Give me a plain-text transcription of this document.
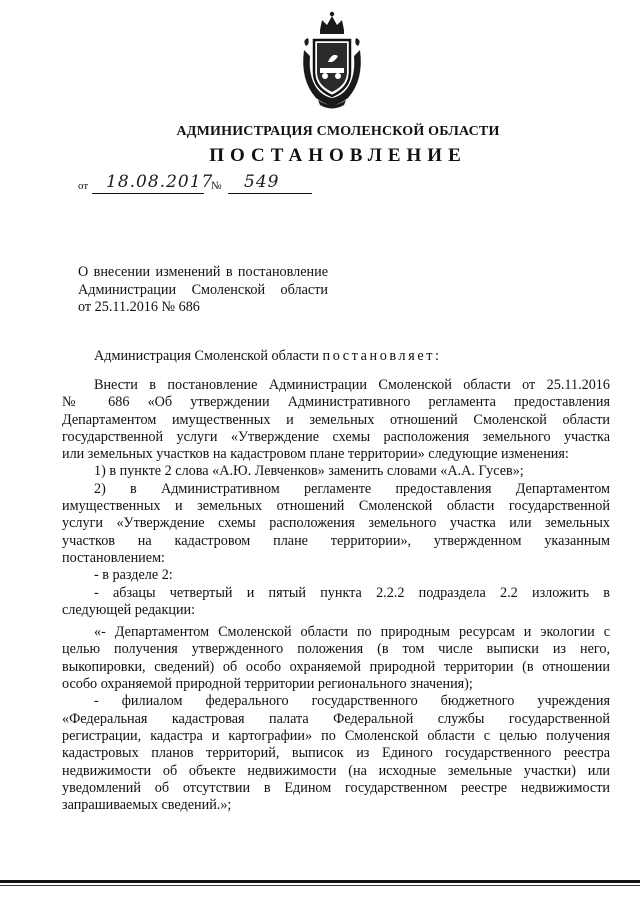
АДМИНИСТРАЦИЯ СМОЛЕНСКОЙ ОБЛАСТИ
ПОСТАНОВЛЕНИЕ
от 18.08.2017
№ 549
О внесении изменений в постановление
Администрации Смоленской области
от 25.11.2016 № 686
Администрация Смоленской области постановляет:
Внести в постановление Администрации Смоленской области от 25.11.2016
№ 686 «Об утверждении Административного регламента предоставления
Департаментом имущественных и земельных отношений Смоленской области
государственной услуги «Утверждение схемы расположения земельного участка
или земельных участков на кадастровом плане территории» следующие изменения:
1) в пункте 2 слова «А.Ю. Левченков» заменить словами «А.А. Гусев»;
2) в Административном регламенте предоставления Департаментом
имущественных и земельных отношений Смоленской области государственной
услуги «Утверждение схемы расположения земельного участка или земельных
участков на кадастровом плане территории», утвержденном указанным
постановлением:
- в разделе 2:
- абзацы четвертый и пятый пункта 2.2.2 подраздела 2.2 изложить в
следующей редакции:
«- Департаментом Смоленской области по природным ресурсам и экологии с
целью получения утвержденного положения (в том числе выписки из него,
выкопировки, сведений) об особо охраняемой природной территории (в отношении
особо охраняемой природной территории регионального значения);
- филиалом федерального государственного бюджетного учреждения
«Федеральная кадастровая палата Федеральной службы государственной
регистрации, кадастра и картографии» по Смоленской области с целью получения
кадастровых планов территорий, выписок из Единого государственного реестра
недвижимости об объекте недвижимости (на исходные земельные участки) или
уведомлений об отсутствии в Едином государственном реестре недвижимости
запрашиваемых сведений.»;
